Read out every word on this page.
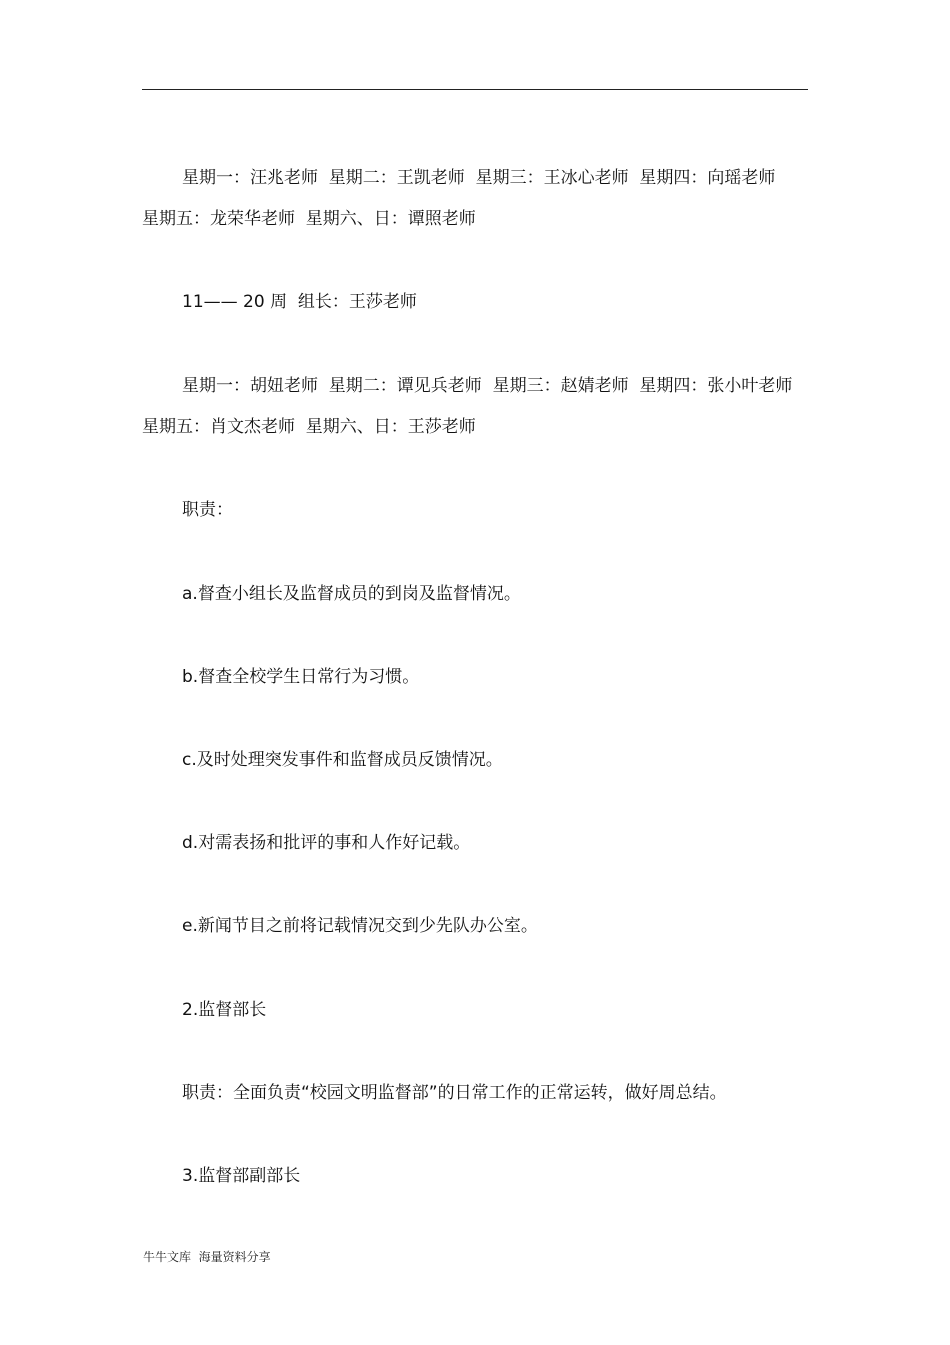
星期一：汪兆老师  星期二：王凯老师  星期三：王冰心老师  星期四：向瑶老师  星期五：龙荣华老师  星期六、日：谭照老师

11—— 20 周  组长：王莎老师

星期一：胡妞老师  星期二：谭见兵老师  星期三：赵婧老师  星期四：张小叶老师  星期五：肖文杰老师  星期六、日：王莎老师

职责：

a.督查小组长及监督成员的到岗及监督情况。

b.督查全校学生日常行为习惯。

c.及时处理突发事件和监督成员反馈情况。

d.对需表扬和批评的事和人作好记载。

e.新闻节目之前将记载情况交到少先队办公室。

2.监督部长

职责：全面负责“校园文明监督部”的日常工作的正常运转，做好周总结。

3.监督部副部长

牛牛文库  海量资料分享
